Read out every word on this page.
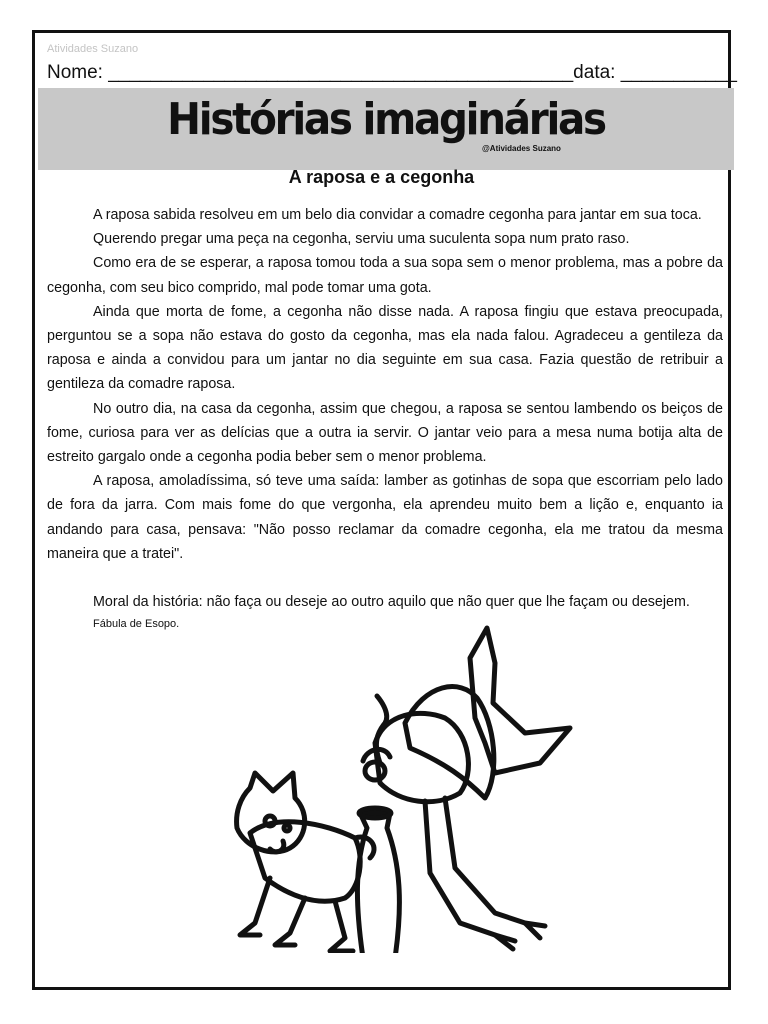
Atividades Suzano
Nome: ____________________________________________data: ___________
Histórias imaginárias
@Atividades Suzano
A raposa e a cegonha

A raposa sabida resolveu em um belo dia convidar a comadre cegonha para jantar em sua toca.

Querendo pregar uma peça na cegonha, serviu uma suculenta sopa num prato raso.

Como era de se esperar, a raposa tomou toda a sua sopa sem o menor problema, mas a pobre da cegonha, com seu bico comprido, mal pode tomar uma gota.

Ainda que morta de fome, a cegonha não disse nada. A raposa fingiu que estava preocupada, perguntou se a sopa não estava do gosto da cegonha, mas ela nada falou. Agradeceu a gentileza da raposa e ainda a convidou para um jantar no dia seguinte em sua casa. Fazia questão de retribuir a gentileza da comadre raposa.

No outro dia, na casa da cegonha, assim que chegou, a raposa se sentou lambendo os beiços de fome, curiosa para ver as delícias que a outra ia servir. O jantar veio para a mesa numa botija alta de estreito gargalo onde a cegonha podia beber sem o menor problema.

A raposa, amoladíssima, só teve uma saída: lamber as gotinhas de sopa que escorriam pelo lado de fora da jarra. Com mais fome do que vergonha, ela aprendeu muito bem a lição e, enquanto ia andando para casa, pensava: "Não posso reclamar da comadre cegonha, ela me tratou da mesma maneira que a tratei".

Moral da história: não faça ou deseje ao outro aquilo que não quer que lhe façam ou desejem.
Fábula de Esopo.
